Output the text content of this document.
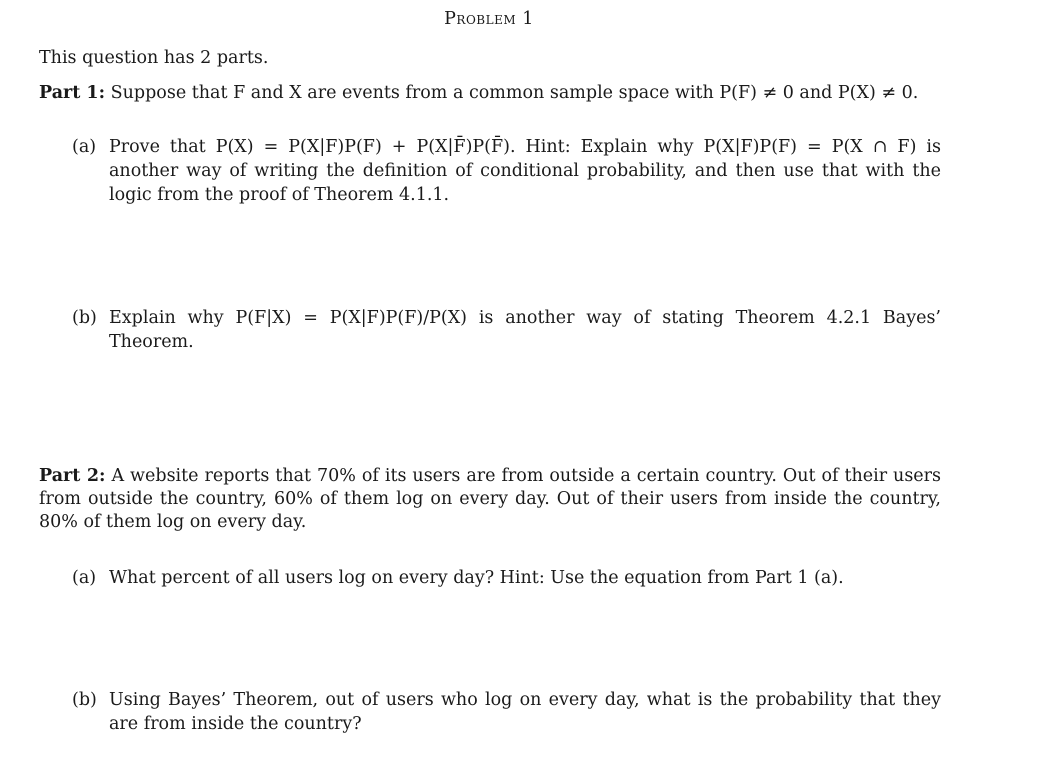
Problem 1
This question has 2 parts.
Part 1: Suppose that F and X are events from a common sample space with P(F) ≠ 0 and P(X) ≠ 0.
(a) Prove that P(X) = P(X|F)P(F) + P(X|F̄)P(F̄). Hint: Explain why P(X|F)P(F) = P(X ∩ F) is another way of writing the definition of conditional probability, and then use that with the logic from the proof of Theorem 4.1.1.
(b) Explain why P(F|X) = P(X|F)P(F)/P(X) is another way of stating Theorem 4.2.1 Bayes’ Theorem.
Part 2: A website reports that 70% of its users are from outside a certain country. Out of their users from outside the country, 60% of them log on every day. Out of their users from inside the country, 80% of them log on every day.
(a) What percent of all users log on every day? Hint: Use the equation from Part 1 (a).
(b) Using Bayes’ Theorem, out of users who log on every day, what is the probability that they are from inside the country?
